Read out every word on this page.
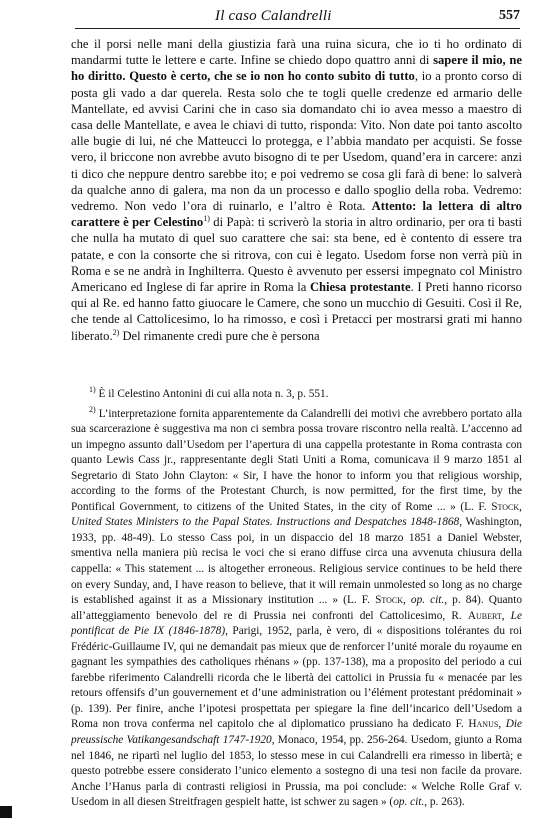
Il caso Calandrelli	557

che il porsi nelle mani della giustizia farà una ruina sicura, che io ti ho ordinato di mandarmi tutte le lettere e carte. Infine se chiedo dopo quattro anni di sapere il mio, ne ho diritto. Questo è certo, che se io non ho conto subito di tutto, io a pronto corso di posta gli vado a dar querela. Resta solo che te togli quelle credenze ed armario delle Mantellate, ed avvisi Carini che in caso sia domandato chi io avea messo a maestro di casa delle Mantellate, e avea le chiavi di tutto, risponda: Vito. Non date poi tanto ascolto alle bugie di lui, né che Matteucci lo protegga, e l’abbia mandato per acquisti. Se fosse vero, il briccone non avrebbe avuto bisogno di te per Usedom, quand’era in carcere: anzi ti dico che neppure dentro sarebbe ito; e poi vedremo se cosa gli farà di bene: lo salverà da qualche anno di galera, ma non da un processo e dallo spoglio della roba. Vedremo: vedremo. Non vedo l’ora di ruinarlo, e l’altro è Rota. Attento: la lettera di altro carattere è per Celestino$^{1)}$ di Papà: ti scriverò la storia in altro ordinario, per ora ti basti che nulla ha mutato di quel suo carattere che sai: sta bene, ed è contento di essere tra patate, e con la consorte che si ritrova, con cui è legato. Usedom forse non verrà più in Roma e se ne andrà in Inghilterra. Questo è avvenuto per essersi impegnato col Ministro Americano ed Inglese di far aprire in Roma la Chiesa protestante. I Preti hanno ricorso qui al Re. ed hanno fatto giuocare le Camere, che sono un mucchio di Gesuiti. Così il Re, che tende al Cattolicesimo, lo ha rimosso, e così i Pretacci per mostrarsi grati mi hanno liberato.$^{2)}$ Del rimanente credi pure che è persona

$^{1)}$ È il Celestino Antonini di cui alla nota n. 3, p. 551.

$^{2)}$ L’interpretazione fornita apparentemente da Calandrelli dei motivi che avrebbero portato alla sua scarcerazione è suggestiva ma non ci sembra possa trovare riscontro nella realtà. L’accenno ad un impegno assunto dall’Usedom per l’apertura di una cappella protestante in Roma contrasta con quanto Lewis Cass jr., rappresentante degli Stati Uniti a Roma, comunicava il 9 marzo 1851 al Segretario di Stato John Clayton: « Sir, I have the honor to inform you that religious worship, according to the forms of the Protestant Church, is now permitted, for the first time, by the Pontifical Government, to citizens of the United States, in the city of Rome ... » (L. F. Stock, United States Ministers to the Papal States. Instructions and Despatches 1848-1868, Washington, 1933, pp. 48-49). Lo stesso Cass poi, in un dispaccio del 18 marzo 1851 a Daniel Webster, smentiva nella maniera più recisa le voci che si erano diffuse circa una avvenuta chiusura della cappella: « This statement ... is altogether erroneous. Religious service continues to be held there on every Sunday, and, I have reason to believe, that it will remain unmolested so long as no charge is established against it as a Missionary institution ... » (L. F. Stock, op. cit., p. 84). Quanto all’atteggiamento benevolo del re di Prussia nei confronti del Cattolicesimo, R. Aubert, Le pontificat de Pie IX (1846-1878), Parigi, 1952, parla, è vero, di « dispositions tolérantes du roi Frédéric-Guillaume IV, qui ne demandait pas mieux que de renforcer l’unité morale du royaume en gagnant les sympathies des catholiques rhénans » (pp. 137-138), ma a proposito del periodo a cui farebbe riferimento Calandrelli ricorda che le libertà dei cattolici in Prussia fu « menacée par les retours offensifs d’un gouvernement et d’une administration ou l’élément protestant prédominait » (p. 139). Per finire, anche l’ipotesi prospettata per spiegare la fine dell’incarico dell’Usedom a Roma non trova conferma nel capitolo che al diplomatico prussiano ha dedicato F. Hanus, Die preussische Vatikangesandschaft 1747-1920, Monaco, 1954, pp. 256-264. Usedom, giunto a Roma nel 1846, ne ripartì nel luglio del 1853, lo stesso mese in cui Calandrelli era rimesso in libertà; e questo potrebbe essere considerato l’unico elemento a sostegno di una tesi non facile da provare. Anche l’Hanus parla di contrasti religiosi in Prussia, ma poi conclude: « Welche Rolle Graf v. Usedom in all diesen Streitfragen gespielt hatte, ist schwer zu sagen » (op. cit., p. 263).
